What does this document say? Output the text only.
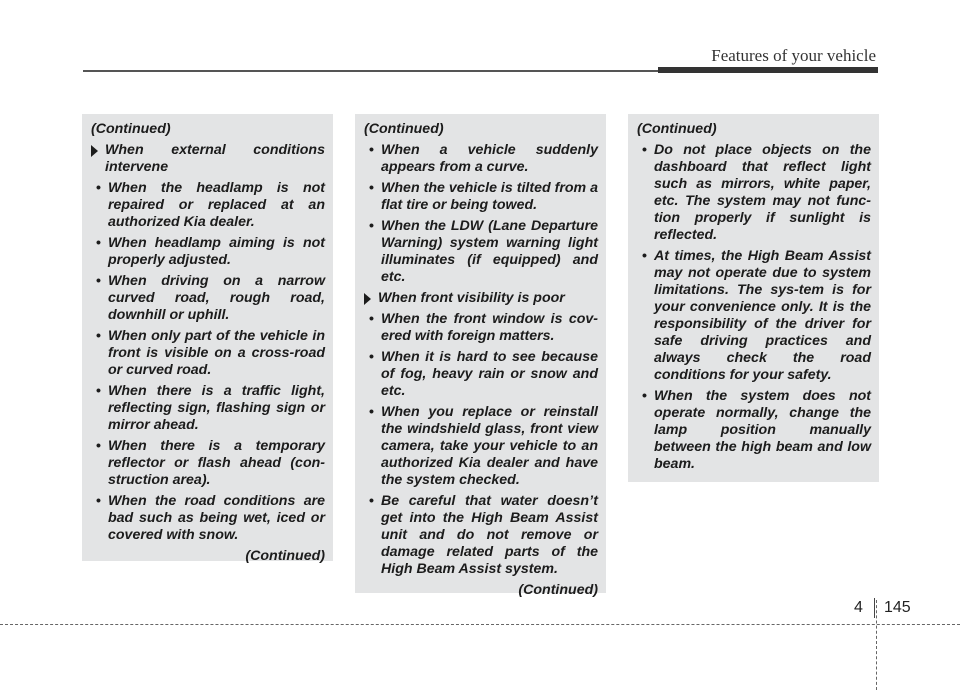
Features of your vehicle
(Continued)
When external conditions intervene
• When the headlamp is not repaired or replaced at an authorized Kia dealer.
• When headlamp aiming is not properly adjusted.
• When driving on a narrow curved road, rough road, downhill or uphill.
• When only part of the vehicle in front is visible on a cross-road or curved road.
• When there is a traffic light, reflecting sign, flashing sign or mirror ahead.
• When there is a temporary reflector or flash ahead (con-struction area).
• When the road conditions are bad such as being wet, iced or covered with snow.
(Continued)
(Continued)
• When a vehicle suddenly appears from a curve.
• When the vehicle is tilted from a flat tire or being towed.
• When the LDW (Lane Departure Warning) system warning light illuminates (if equipped) and etc.
When front visibility is poor
• When the front window is cov-ered with foreign matters.
• When it is hard to see because of fog, heavy rain or snow and etc.
• When you replace or reinstall the windshield glass, front view camera, take your vehicle to an authorized Kia dealer and have the system checked.
• Be careful that water doesn’t get into the High Beam Assist unit and do not remove or damage related parts of the High Beam Assist system.
(Continued)
(Continued)
• Do not place objects on the dashboard that reflect light such as mirrors, white paper, etc. The system may not func-tion properly if sunlight is reflected.
• At times, the High Beam Assist may not operate due to system limitations. The sys-tem is for your convenience only. It is the responsibility of the driver for safe driving practices and always check the road conditions for your safety.
• When the system does not operate normally, change the lamp position manually between the high beam and low beam.
4 145
